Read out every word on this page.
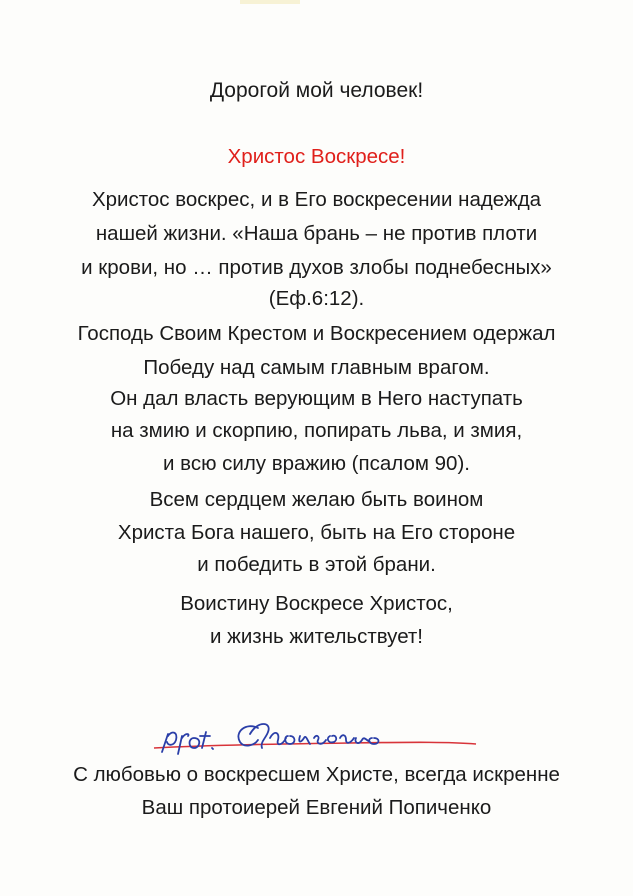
Дорогой мой человек!
Христос Воскресе!
Христос воскрес, и в Его воскресении надежда
нашей жизни. «Наша брань – не против плоти
и крови, но … против духов злобы поднебесных»
(Еф.6:12).
Господь Своим Крестом и Воскресением одержал
Победу над самым главным врагом.
Он дал власть верующим в Него наступать
на змию и скорпию, попирать льва, и змия,
и всю силу вражию (псалом 90).
Всем сердцем желаю быть воином
Христа Бога нашего, быть на Его стороне
и победить в этой брани.
Воистину Воскресе Христос,
и жизнь жительствует!
С любовью о воскресшем Христе, всегда искренне
Ваш протоиерей Евгений Попиченко
